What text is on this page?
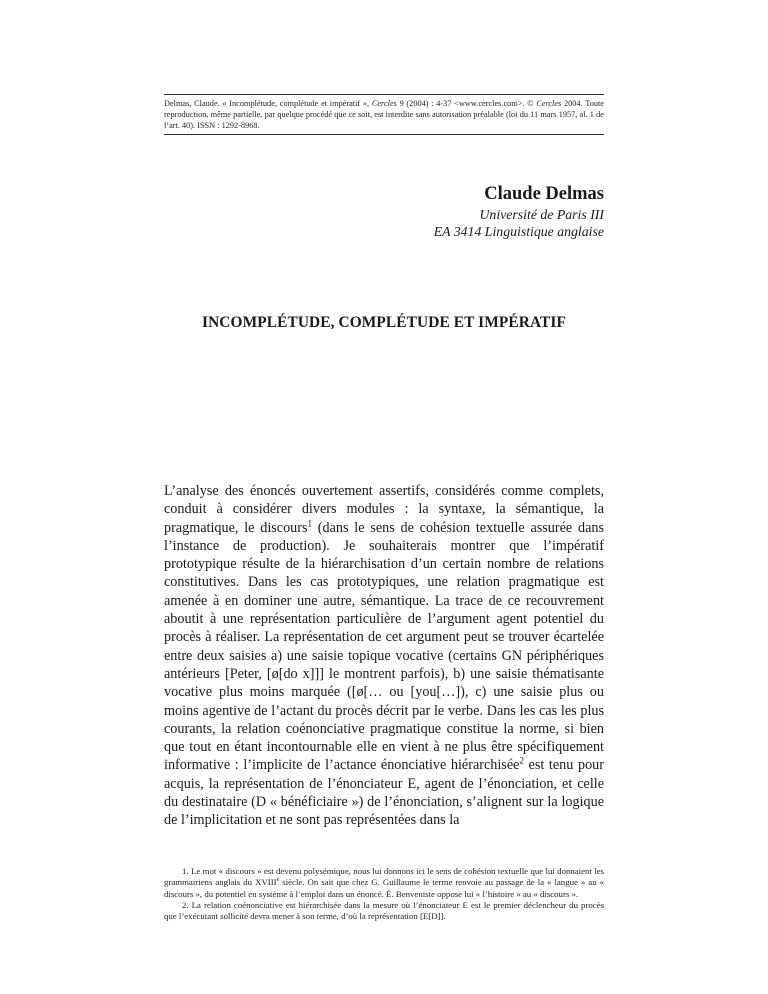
Delmas, Claude. « Incomplétude, complétude et impératif », Cercles 9 (2004) : 4-37 <www.cercles.com>. © Cercles 2004. Toute reproduction, même partielle, par quelque procédé que ce soit, est interdite sans autorisation préalable (loi du 11 mars 1957, al. 1 de l’art. 40). ISSN : 1292-8968.
Claude Delmas
Université de Paris III
EA 3414 Linguistique anglaise
INCOMPLÉTUDE, COMPLÉTUDE ET IMPÉRATIF

L’analyse des énoncés ouvertement assertifs, considérés comme complets, conduit à considérer divers modules : la syntaxe, la sémantique, la pragmatique, le discours$^1$ (dans le sens de cohésion textuelle assurée dans l’instance de production). Je souhaiterais montrer que l’impératif prototypique résulte de la hiérarchisation d’un certain nombre de relations constitutives. Dans les cas prototypiques, une relation pragmatique est amenée à en dominer une autre, sémantique. La trace de ce recouvrement aboutit à une représentation particulière de l’argument agent potentiel du procès à réaliser. La représentation de cet argument peut se trouver écartelée entre deux saisies a) une saisie topique vocative (certains GN périphériques antérieurs [Peter, [ø[do x]]] le montrent parfois), b) une saisie thématisante vocative plus moins marquée ([ø[… ou [you[…]), c) une saisie plus ou moins agentive de l’actant du procès décrit par le verbe. Dans les cas les plus courants, la relation coénonciative pragmatique constitue la norme, si bien que tout en étant incontournable elle en vient à ne plus être spécifiquement informative : l’implicite de l’actance énonciative hiérarchisée$^2$ est tenu pour acquis, la représentation de l’énonciateur E, agent de l’énonciation, et celle du destinataire (D « bénéficiaire ») de l’énonciation, s’alignent sur la logique de l’implicitation et ne sont pas représentées dans la

1. Le mot « discours » est devenu polysémique, nous lui donnons ici le sens de cohésion textuelle que lui donnaient les grammairiens anglais du XVIIIe siècle. On sait que chez G. Guillaume le terme renvoie au passage de la « langue » au « discours », du potentiel en système à l’emploi dans un énoncé. É. Benveniste oppose lui « l’histoire » au « discours ».

2. La relation coénonciative est hiérarchisée dans la mesure où l’énonciateur E est le premier déclencheur du procès que l’exécutant sollicité devra mener à son terme, d’où la représentation [E[D]].
